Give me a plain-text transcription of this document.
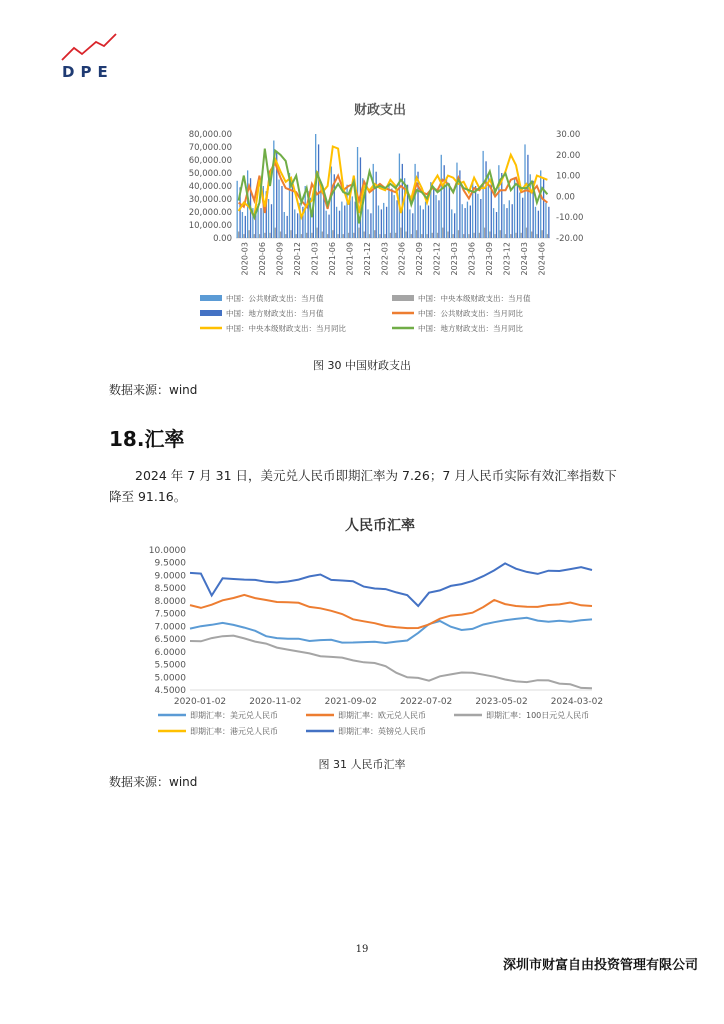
DPE
财政支出
80,000.00
70,000.00
60,000.00
50,000.00
40,000.00
30,000.00
20,000.00
10,000.00
0.00
30.00
20.00
10.00
0.00
-10.00
-20.00
2020-03 2020-06 2020-09 2020-12 2021-03 2021-06 2021-09 2021-12 2022-03 2022-06 2022-09 2022-12 2023-03 2023-06 2023-09 2023-12 2024-03 2024-06
中国：公共财政支出：当月值	中国：中央本级财政支出：当月值
中国：地方财政支出：当月值	中国：公共财政支出：当月同比
中国：中央本级财政支出：当月同比	中国：地方财政支出：当月同比
图 30 中国财政支出
数据来源：wind
18.汇率
2024 年 7 月 31 日，美元兑人民币即期汇率为 7.26；7 月人民币实际有效汇率指数下降至 91.16。
人民币汇率
10.0000
9.5000
9.0000
8.5000
8.0000
7.5000
7.0000
6.5000
6.0000
5.5000
5.0000
4.5000
2020-01-02	2020-11-02	2021-09-02	2022-07-02	2023-05-02	2024-03-02
即期汇率：美元兑人民币	即期汇率：欧元兑人民币	即期汇率：100日元兑人民币
即期汇率：港元兑人民币	即期汇率：英镑兑人民币
图 31 人民币汇率
数据来源：wind
19
深圳市财富自由投资管理有限公司
